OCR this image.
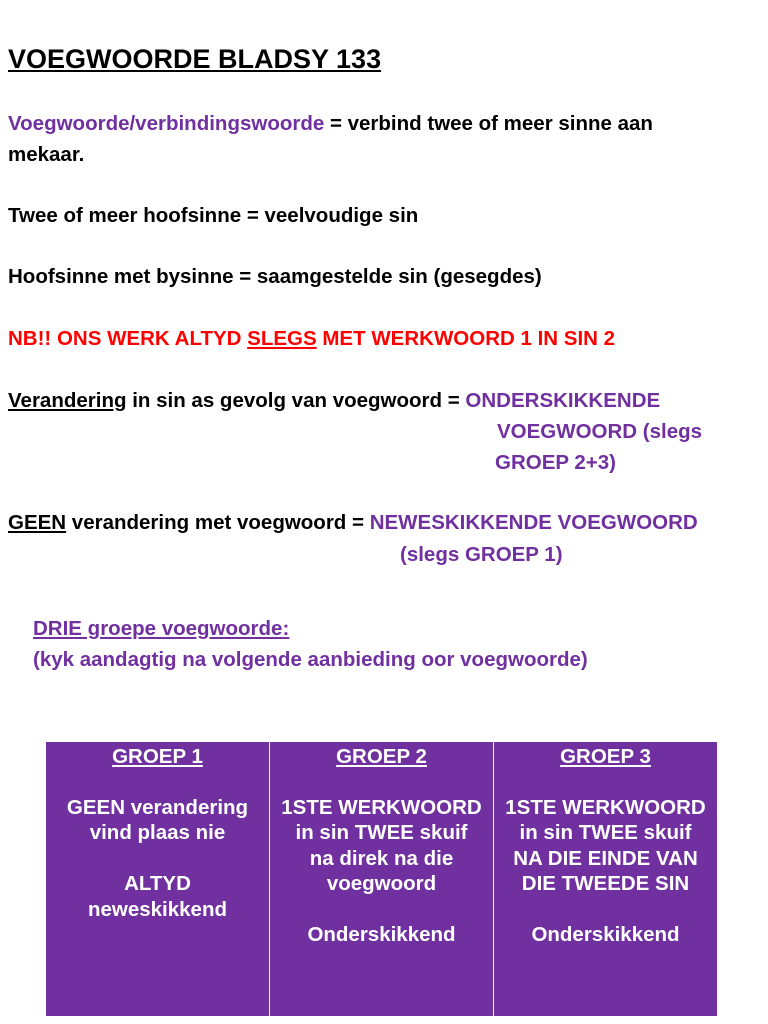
VOEGWOORDE BLADSY 133
Voegwoorde/verbindingswoorde = verbind twee of meer sinne aan
mekaar.
Twee of meer hoofsinne = veelvoudige sin
Hoofsinne met bysinne = saamgestelde sin (gesegdes)
NB!! ONS WERK ALTYD SLEGS MET WERKWOORD 1 IN SIN 2
Verandering in sin as gevolg van voegwoord = ONDERSKIKKENDE
VOEGWOORD (slegs
GROEP 2+3)
GEEN verandering met voegwoord = NEWESKIKKENDE VOEGWOORD
(slegs GROEP 1)
DRIE groepe voegwoorde:
(kyk aandagtig na volgende aanbieding oor voegwoorde)
GROEP 1
GEEN verandering
vind plaas nie
ALTYD
neweskikkend
GROEP 2
1STE WERKWOORD
in sin TWEE skuif
na direk na die
voegwoord
Onderskikkend
GROEP 3
1STE WERKWOORD
in sin TWEE skuif
NA DIE EINDE VAN
DIE TWEEDE SIN
Onderskikkend
